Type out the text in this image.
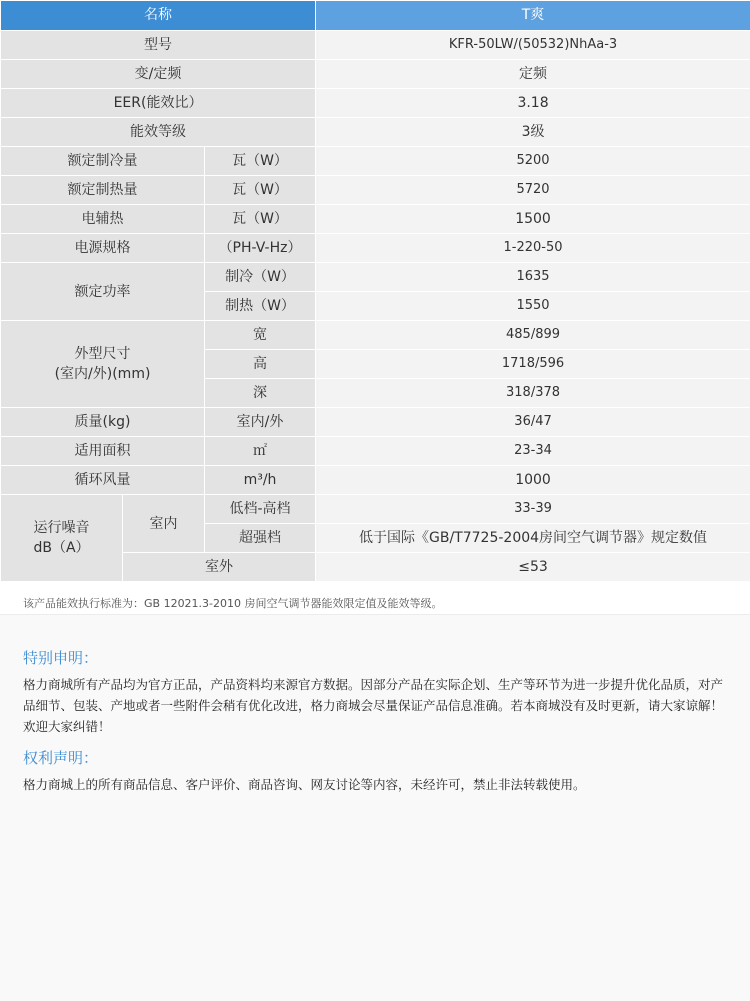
名称			T爽
型号			KFR-50LW/(50532)NhAa-3
变/定频			定频
EER(能效比）			3.18
能效等级			3级
额定制冷量		瓦（W）	5200
额定制热量		瓦（W）	5720
电辅热		瓦（W）	1500
电源规格		（PH-V-Hz）	1-220-50
额定功率		制冷（W）	1635
		制热（W）	1550

外型尺寸
(室内/外)(mm)		宽	485/899
		高	1718/596
		深	318/378
质量(kg)		室内/外	36/47
适用面积		㎡	23-34
循环风量		m³/h	1000

运行噪音
dB（A）	室内	低档-高档	33-39
		超强档	低于国际《GB/T7725-2004房间空气调节器》规定数值
	室外		≤53
该产品能效执行标准为：GB 12021.3-2010 房间空气调节器能效限定值及能效等级。
特别申明：

格力商城所有产品均为官方正品，产品资料均来源官方数据。因部分产品在实际企划、生产等环节为进一步提升优化品质，对产品细节、包装、产地或者一些附件会稍有优化改进，格力商城会尽量保证产品信息准确。若本商城没有及时更新，请大家谅解！ 欢迎大家纠错！

权利声明：

格力商城上的所有商品信息、客户评价、商品咨询、网友讨论等内容，未经许可，禁止非法转载使用。
